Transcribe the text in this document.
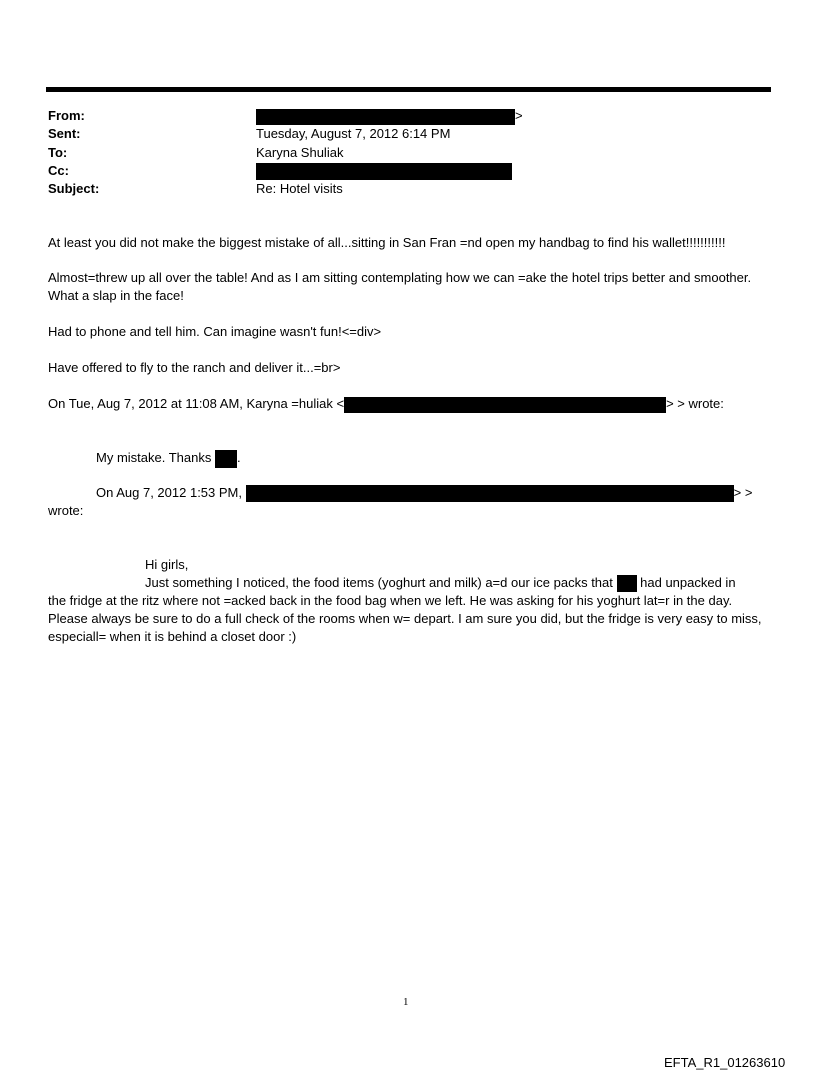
From:	>
Sent:	Tuesday, August 7, 2012 6:14 PM
To:	Karyna Shuliak
Cc:
Subject:	Re: Hotel visits
At least you did not make the biggest mistake of all...sitting in San Fran =nd open my handbag to find his wallet!!!!!!!!!!!
Almost=threw up all over the table! And as I am sitting contemplating how we can =ake the hotel trips better and smoother. What a slap in the face!
Had to phone and tell him. Can imagine wasn't fun!<=div>
Have offered to fly to the ranch and deliver it...=br>
On Tue, Aug 7, 2012 at 11:08 AM, Karyna =huliak <	> > wrote:
My mistake. Thanks .
On Aug 7, 2012 1:53 PM,	> >
wrote:
Hi girls,
Just something I noticed, the food items (yoghurt and milk) a=d our ice packs that had unpacked in
the fridge at the ritz where not =acked back in the food bag when we left. He was asking for his yoghurt lat=r in the day. Please always be sure to do a full check of the rooms when w= depart. I am sure you did, but the fridge is very easy to miss, especiall= when it is behind a closet door :)
1
EFTA_R1_01263610
